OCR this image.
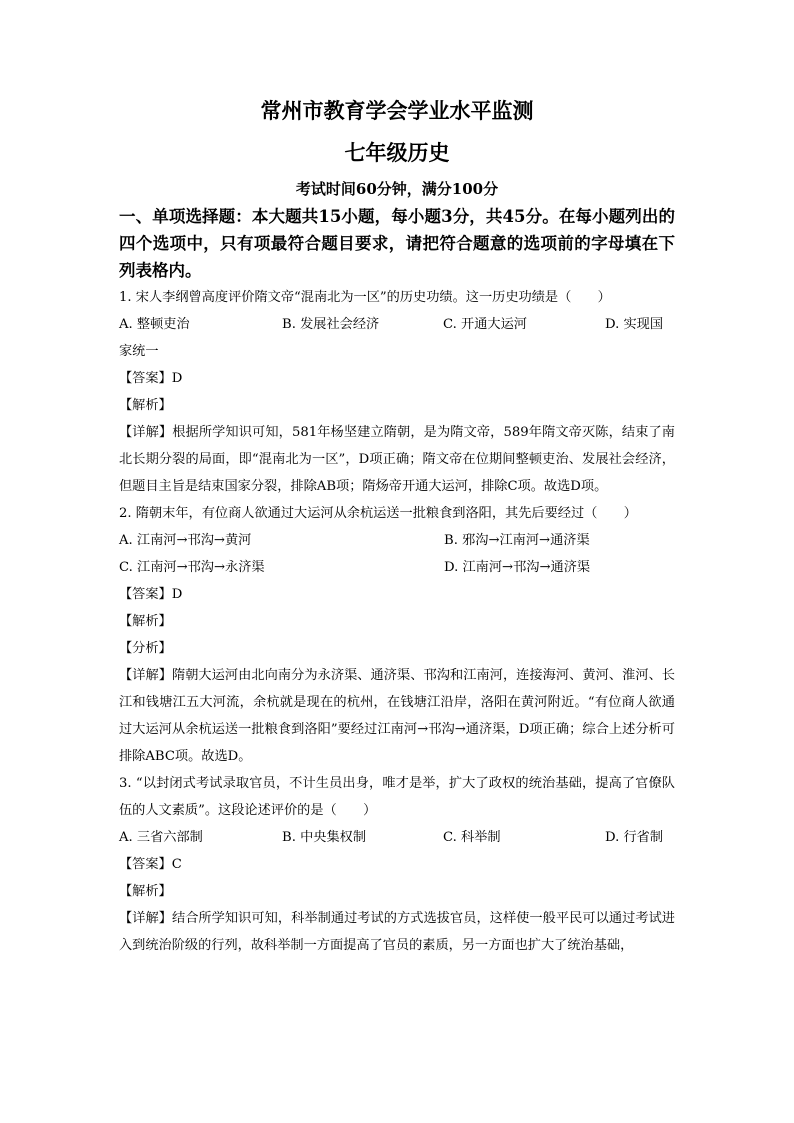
常州市教育学会学业水平监测
七年级历史
考试时间60分钟，满分100分
一、单项选择题：本大题共15小题，每小题3分，共45分。在每小题列出的四个选项中，只有项最符合题目要求，请把符合题意的选项前的字母填在下列表格内。
1. 宋人李纲曾高度评价隋文帝“混南北为一区”的历史功绩。这一历史功绩是（　　）
A. 整顿吏治	B. 发展社会经济	C. 开通大运河	D. 实现国
家统一
【答案】D
【解析】
【详解】根据所学知识可知，581年杨坚建立隋朝，是为隋文帝，589年隋文帝灭陈，结束了南北长期分裂的局面，即“混南北为一区”，D项正确；隋文帝在位期间整顿吏治、发展社会经济，但题目主旨是结束国家分裂，排除AB项；隋炀帝开通大运河，排除C项。故选D项。
2. 隋朝末年，有位商人欲通过大运河从余杭运送一批粮食到洛阳，其先后要经过（　　）
A. 江南河→邗沟→黄河	B. 邪沟→江南河→通济渠
C. 江南河→邗沟→永济渠	D. 江南河→邗沟→通济渠
【答案】D
【解析】
【分析】
【详解】隋朝大运河由北向南分为永济渠、通济渠、邗沟和江南河，连接海河、黄河、淮河、长江和钱塘江五大河流，余杭就是现在的杭州，在钱塘江沿岸，洛阳在黄河附近。“有位商人欲通过大运河从余杭运送一批粮食到洛阳”要经过江南河→邗沟→通济渠，D项正确；综合上述分析可排除ABC项。故选D。
3. “以封闭式考试录取官员，不计生员出身，唯才是举，扩大了政权的统治基础，提高了官僚队伍的人文素质”。这段论述评价的是（　　）
A. 三省六部制	B. 中央集权制	C. 科举制	D. 行省制
【答案】C
【解析】
【详解】结合所学知识可知，科举制通过考试的方式选拔官员，这样使一般平民可以通过考试进入到统治阶级的行列，故科举制一方面提高了官员的素质，另一方面也扩大了统治基础，
